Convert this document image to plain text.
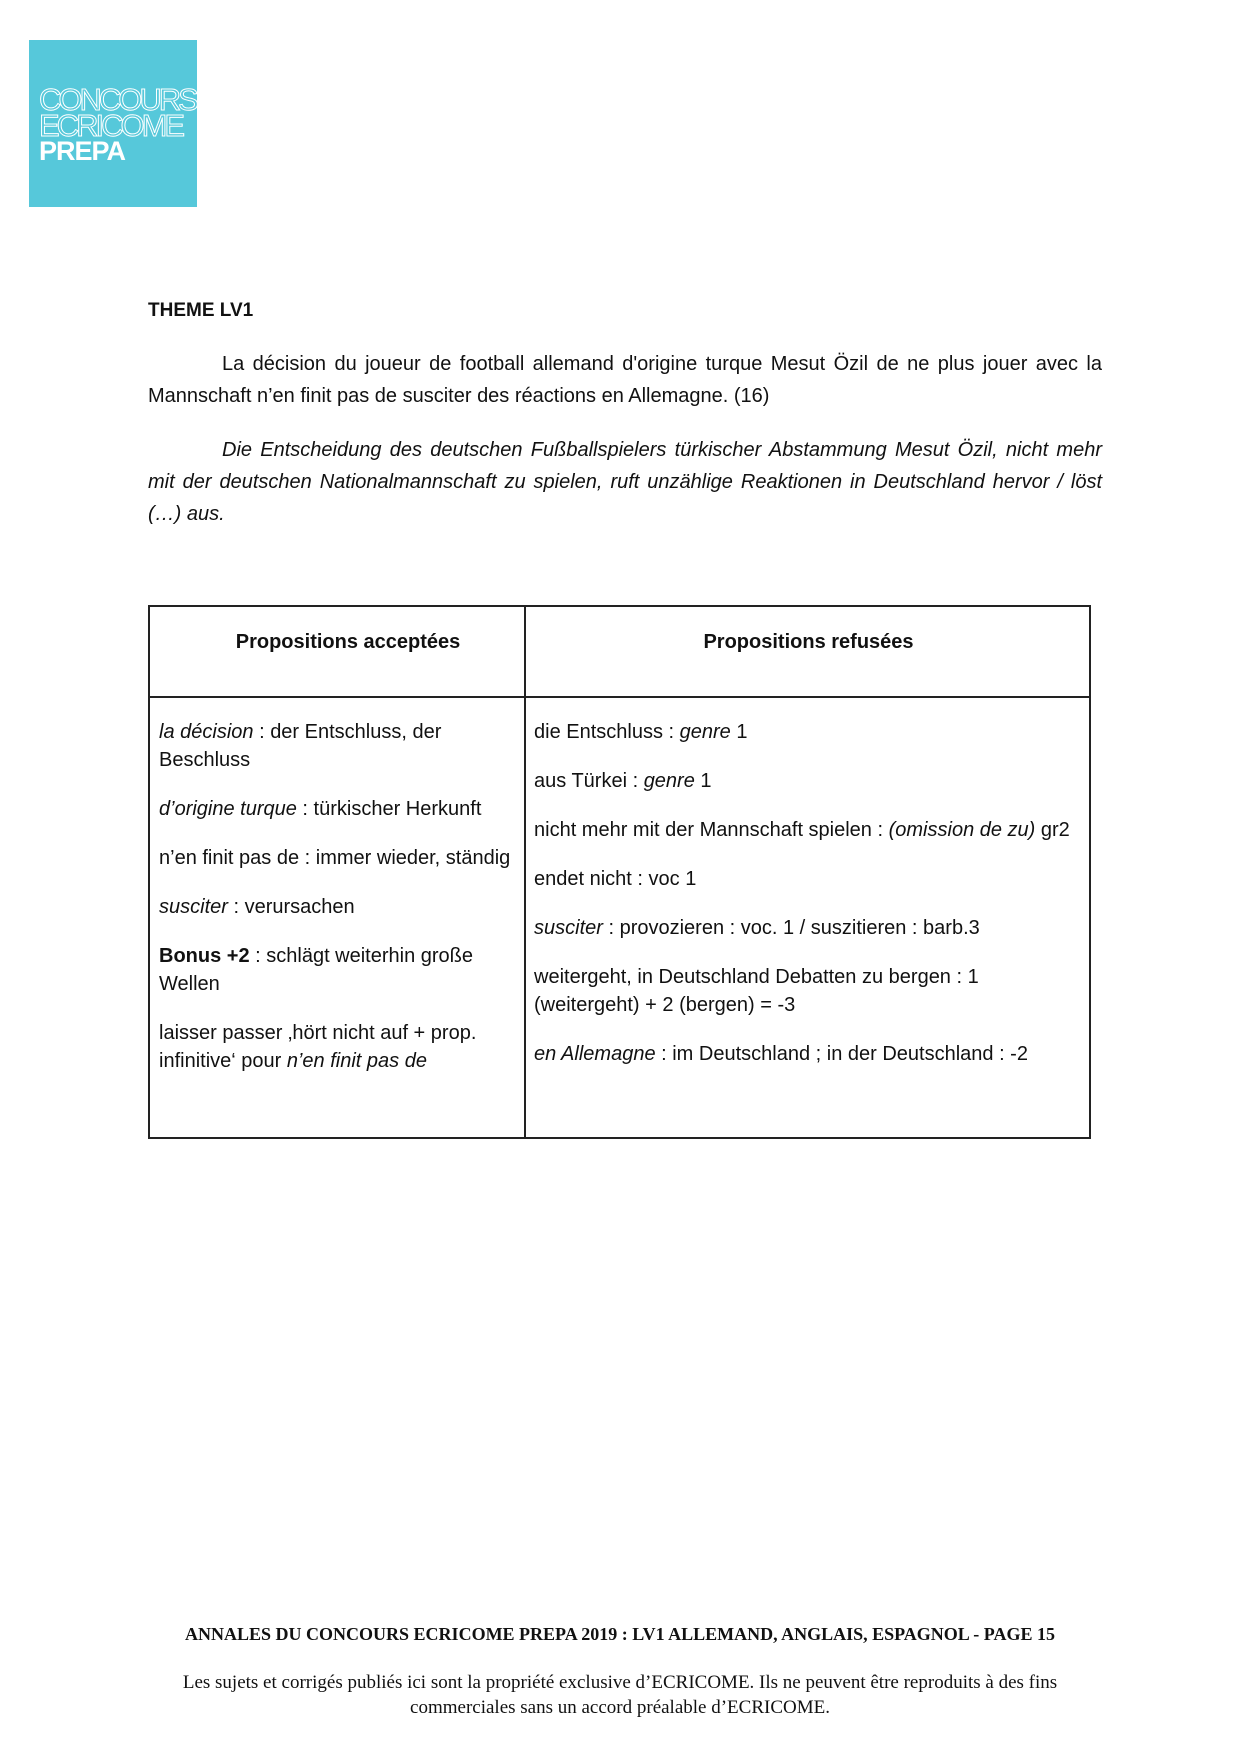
CONCOURS
ECRICOME
PREPA
THEME LV1

La décision du joueur de football allemand d'origine turque Mesut Özil de ne plus jouer avec la Mannschaft n’en finit pas de susciter des réactions en Allemagne. (16)

Die Entscheidung des deutschen Fußballspielers türkischer Abstammung Mesut Özil, nicht mehr mit der deutschen Nationalmannschaft zu spielen, ruft unzählige Reaktionen in Deutschland hervor / löst (…) aus.

Propositions acceptées	Propositions refusées
la décision : der Entschluss, der Beschluss
d’origine turque : türkischer Herkunft
n’en finit pas de : immer wieder, ständig
susciter : verursachen
Bonus +2 : schlägt weiterhin große Wellen
laisser passer ‚hört nicht auf + prop. infinitive‘ pour n’en finit pas de
die Entschluss : genre 1
aus Türkei : genre 1
nicht mehr mit der Mannschaft spielen : (omission de zu) gr2
endet nicht : voc 1
susciter : provozieren : voc. 1 / suszitieren : barb.3
weitergeht, in Deutschland Debatten zu bergen : 1 (weitergeht) + 2 (bergen) = -3
en Allemagne : im Deutschland ; in der Deutschland : -2
ANNALES DU CONCOURS ECRICOME PREPA 2019 : LV1 ALLEMAND, ANGLAIS, ESPAGNOL - PAGE 15
Les sujets et corrigés publiés ici sont la propriété exclusive d’ECRICOME. Ils ne peuvent être reproduits à des fins commerciales sans un accord préalable d’ECRICOME.
